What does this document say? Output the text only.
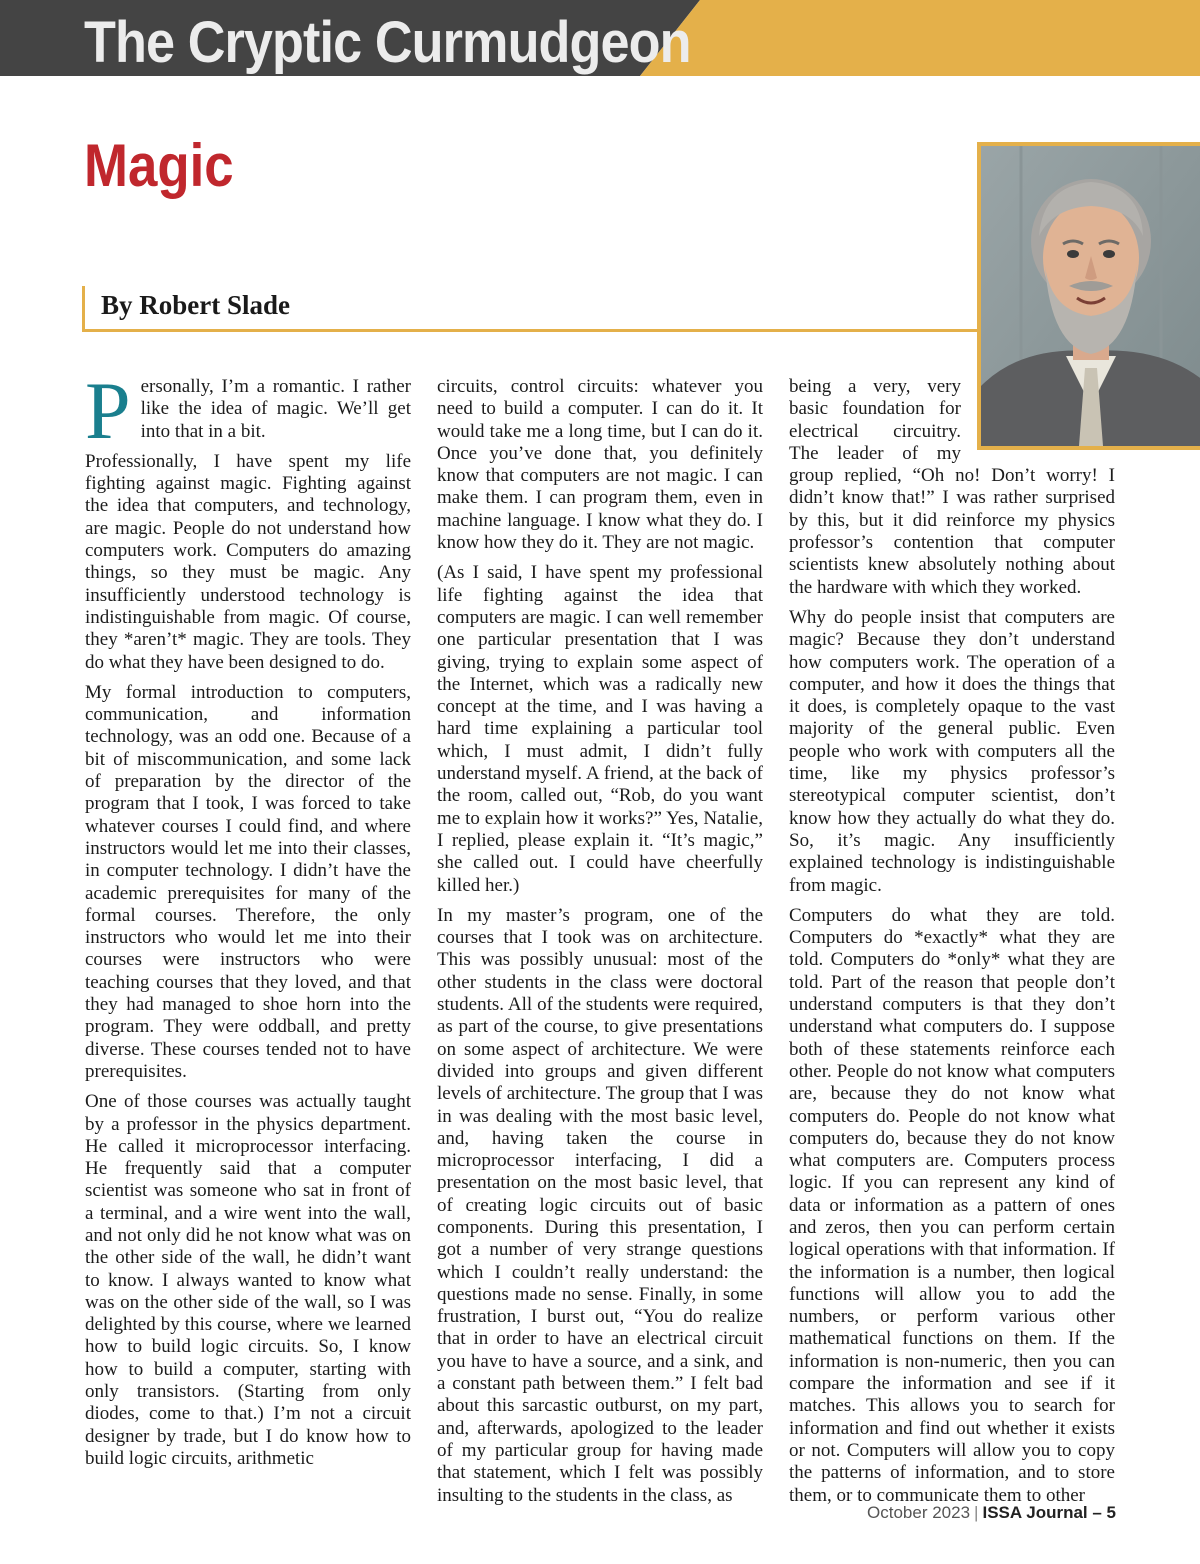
The Cryptic Curmudgeon
Magic
By Robert Slade

Personally, I’m a romantic. I rather like the idea of magic. We’ll get into that in a bit.

Professionally, I have spent my life fighting against magic. Fighting against the idea that computers, and technology, are magic. People do not understand how computers work. Computers do amazing things, so they must be magic. Any insufficiently understood technology is indistinguishable from magic. Of course, they *aren’t* magic. They are tools. They do what they have been designed to do.

My formal introduction to computers, communication, and information technology, was an odd one. Because of a bit of miscommunication, and some lack of preparation by the director of the program that I took, I was forced to take whatever courses I could find, and where instructors would let me into their classes, in computer technology. I didn’t have the academic prerequisites for many of the formal courses. Therefore, the only instructors who would let me into their courses were instructors who were teaching courses that they loved, and that they had managed to shoe horn into the program. They were oddball, and pretty diverse. These courses tended not to have prerequisites.

One of those courses was actually taught by a professor in the physics department. He called it microprocessor interfacing. He frequently said that a computer scientist was someone who sat in front of a terminal, and a wire went into the wall, and not only did he not know what was on the other side of the wall, he didn’t want to know. I always wanted to know what was on the other side of the wall, so I was delighted by this course, where we learned how to build logic circuits. So, I know how to build a computer, starting with only transistors. (Starting from only diodes, come to that.) I’m not a circuit designer by trade, but I do know how to build logic circuits, arithmetic

circuits, control circuits: whatever you need to build a computer. I can do it. It would take me a long time, but I can do it. Once you’ve done that, you definitely know that computers are not magic. I can make them. I can program them, even in machine language. I know what they do. I know how they do it. They are not magic.

(As I said, I have spent my professional life fighting against the idea that computers are magic. I can well remember one particular presentation that I was giving, trying to explain some aspect of the Internet, which was a radically new concept at the time, and I was having a hard time explaining a particular tool which, I must admit, I didn’t fully understand myself. A friend, at the back of the room, called out, “Rob, do you want me to explain how it works?” Yes, Natalie, I replied, please explain it. “It’s magic,” she called out. I could have cheerfully killed her.)

In my master’s program, one of the courses that I took was on architecture. This was possibly unusual: most of the other students in the class were doctoral students. All of the students were required, as part of the course, to give presentations on some aspect of architecture. We were divided into groups and given different levels of architecture. The group that I was in was dealing with the most basic level, and, having taken the course in microprocessor interfacing, I did a presentation on the most basic level, that of creating logic circuits out of basic components. During this presentation, I got a number of very strange questions which I couldn’t really understand: the questions made no sense. Finally, in some frustration, I burst out, “You do realize that in order to have an electrical circuit you have to have a source, and a sink, and a constant path between them.” I felt bad about this sarcastic outburst, on my part, and, afterwards, apologized to the leader of my particular group for having made that statement, which I felt was possibly insulting to the students in the class, as

being a very, very basic foundation for electrical circuitry. The leader of my group replied, “Oh no! Don’t worry! I didn’t know that!” I was rather surprised by this, but it did reinforce my physics professor’s contention that computer scientists knew absolutely nothing about the hardware with which they worked.

Why do people insist that computers are magic? Because they don’t understand how computers work. The operation of a computer, and how it does the things that it does, is completely opaque to the vast majority of the general public. Even people who work with computers all the time, like my physics professor’s stereotypical computer scientist, don’t know how they actually do what they do. So, it’s magic. Any insufficiently explained technology is indistinguishable from magic.

Computers do what they are told. Computers do *exactly* what they are told. Computers do *only* what they are told. Part of the reason that people don’t understand computers is that they don’t understand what computers do. I suppose both of these statements reinforce each other. People do not know what computers are, because they do not know what computers do. People do not know what computers do, because they do not know what computers are. Computers process logic. If you can represent any kind of data or information as a pattern of ones and zeros, then you can perform certain logical operations with that information. If the information is a number, then logical functions will allow you to add the numbers, or perform various other mathematical functions on them. If the information is non-numeric, then you can compare the information and see if it matches. This allows you to search for information and find out whether it exists or not. Computers will allow you to copy the patterns of information, and to store them, or to communicate them to other

October 2023 | ISSA Journal – 5
